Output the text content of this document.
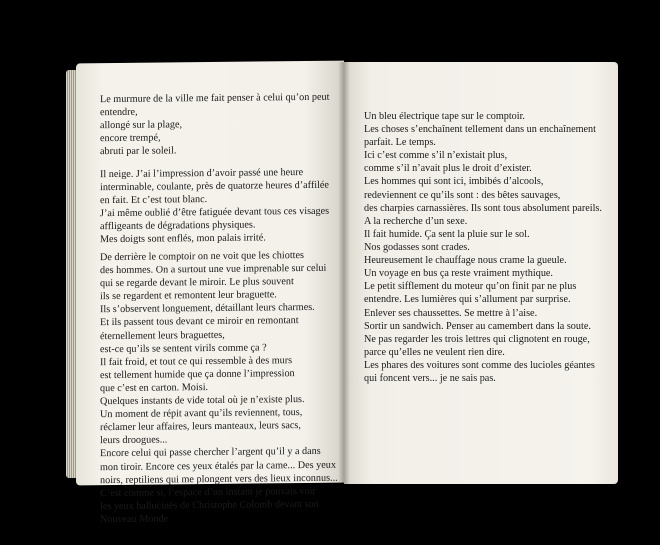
Le murmure de la ville me fait penser à celui qu’on peut
entendre,
allongé sur la plage,
encore trempé,
abruti par le soleil.
Il neige. J’ai l’impression d’avoir passé une heure
interminable, coulante, près de quatorze heures d’affilée
en fait. Et c’est tout blanc.
J’ai même oublié d’être fatiguée devant tous ces visages
affligeants de dégradations physiques.
Mes doigts sont enflés, mon palais irrité.
De derrière le comptoir on ne voit que les chiottes
des hommes. On a surtout une vue imprenable sur celui
qui se regarde devant le miroir. Le plus souvent
ils se regardent et remontent leur braguette.
Ils s’observent longuement, détaillant leurs charmes.
Et ils passent tous devant ce miroir en remontant
éternellement leurs braguettes,
est-ce qu’ils se sentent virils comme ça ?
Il fait froid, et tout ce qui ressemble à des murs
est tellement humide que ça donne l’impression
que c’est en carton. Moisi.
Quelques instants de vide total où je n’existe plus.
Un moment de répit avant qu’ils reviennent, tous,
réclamer leur affaires, leurs manteaux, leurs sacs,
leurs droogues...
Encore celui qui passe chercher l’argent qu’il y a dans
mon tiroir. Encore ces yeux étalés par la came... Des yeux
noirs, reptiliens qui me plongent vers des lieux inconnus...
C’est comme si, l’espace d’un instant je pouvais voir
les yeux hallucinés de Christophe Colomb devant son
Nouveau Monde
Un bleu électrique tape sur le comptoir.
Les choses s’enchaînent tellement dans un enchaînement
parfait. Le temps.
Ici c’est comme s’il n’existait plus,
comme s’il n’avait plus le droit d’exister.
Les hommes qui sont ici, imbibés d’alcools,
redeviennent ce qu’ils sont : des bêtes sauvages,
des charpies carnassières. Ils sont tous absolument pareils.
A la recherche d’un sexe.
Il fait humide. Ça sent la pluie sur le sol.
Nos godasses sont crades.
Heureusement le chauffage nous crame la gueule.
Un voyage en bus ça reste vraiment mythique.
Le petit sifflement du moteur qu’on finit par ne plus
entendre. Les lumières qui s’allument par surprise.
Enlever ses chaussettes. Se mettre à l’aise.
Sortir un sandwich. Penser au camembert dans la soute.
Ne pas regarder les trois lettres qui clignotent en rouge,
parce qu’elles ne veulent rien dire.
Les phares des voitures sont comme des lucioles géantes
qui foncent vers... je ne sais pas.
